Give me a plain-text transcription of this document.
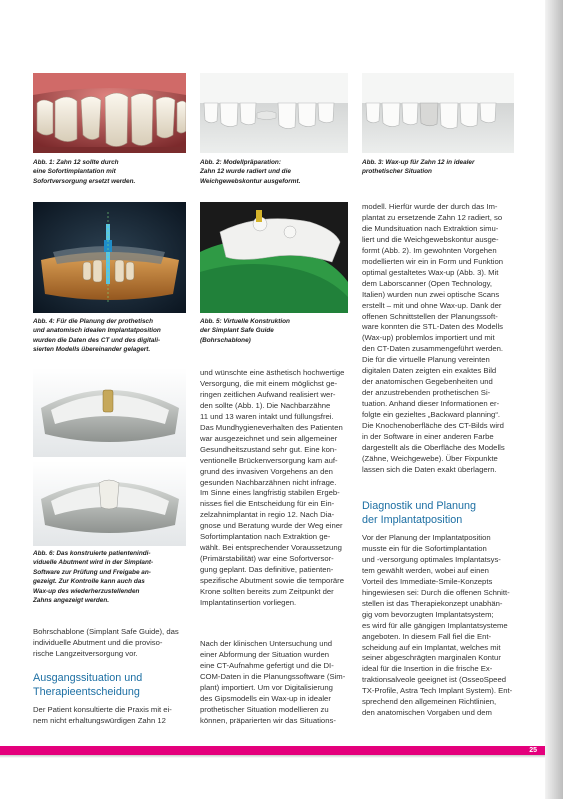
Abb. 1: Zahn 12 sollte durch

eine Sofortimplantation mit

Sofortversorgung ersetzt werden.

Abb. 2: Modellpräparation:

Zahn 12 wurde radiert und die

Weichgewebskontur ausgeformt.

Abb. 3: Wax-up für Zahn 12 in idealer

prothetischer Situation

Abb. 4: Für die Planung der prothetisch

und anatomisch idealen Implantatposition

wurden die Daten des CT und des digitali-

sierten Modells übereinander gelagert.

Abb. 5: Virtuelle Konstruktion

der Simplant Safe Guide

(Bohrschablone)

Abb. 6: Das konstruierte patientenindi-

viduelle Abutment wird in der Simplant-

Software zur Prüfung und Freigabe an-

gezeigt. Zur Kontrolle kann auch das

Wax-up des wiederherzustellenden

Zahns angezeigt werden.

Bohrschablone (Simplant Safe Guide), das

individuelle Abutment und die proviso-

rische Langzeitversorgung vor.

Ausgangssituation und
Therapieentscheidung

Der Patient konsultierte die Praxis mit ei-

nem nicht erhaltungswürdigen Zahn 12

und wünschte eine ästhetisch hochwertige

Versorgung, die mit einem möglichst ge-

ringen zeitlichen Aufwand realisiert wer-

den sollte (Abb. 1). Die Nachbarzähne

11 und 13 waren intakt und füllungsfrei.

Das Mundhygieneverhalten des Patienten

war ausgezeichnet und sein allgemeiner

Gesundheitszustand sehr gut. Eine kon-

ventionelle Brückenversorgung kam auf-

grund des invasiven Vorgehens an den

gesunden Nachbarzähnen nicht infrage.

Im Sinne eines langfristig stabilen Ergeb-

nisses fiel die Entscheidung für ein Ein-

zelzahnimplantat in regio 12. Nach Dia-

gnose und Beratung wurde der Weg einer

Sofortimplantation nach Extraktion ge-

wählt. Bei entsprechender Voraussetzung

(Primärstabilität) war eine Sofortversor-

gung geplant. Das definitive, patienten-

spezifische Abutment sowie die temporäre

Krone sollten bereits zum Zeitpunkt der

Implantatinsertion vorliegen.

Nach der klinischen Untersuchung und

einer Abformung der Situation wurden

eine CT-Aufnahme gefertigt und die DI-

COM-Daten in die Planungssoftware (Sim-

plant) importiert. Um vor Digitalisierung

des Gipsmodells ein Wax-up in idealer

prothetischer Situation modellieren zu

können, präparierten wir das Situations-

modell. Hierfür wurde der durch das Im-

plantat zu ersetzende Zahn 12 radiert, so

die Mundsituation nach Extraktion simu-

liert und die Weichgewebskontur ausge-

formt (Abb. 2). Im gewohnten Vorgehen

modellierten wir ein in Form und Funktion

optimal gestaltetes Wax-up (Abb. 3). Mit

dem Laborscanner (Open Technology,

Italien) wurden nun zwei optische Scans

erstellt – mit und ohne Wax-up. Dank der

offenen Schnittstellen der Planungssoft-

ware konnten die STL-Daten des Modells

(Wax-up) problemlos importiert und mit

den CT-Daten zusammengeführt werden.

Die für die virtuelle Planung vereinten

digitalen Daten zeigten ein exaktes Bild

der anatomischen Gegebenheiten und

der anzustrebenden prothetischen Si-

tuation. Anhand dieser Informationen er-

folgte ein gezieltes „Backward planning“.

Die Knochenoberfläche des CT-Bilds wird

in der Software in einer anderen Farbe

dargestellt als die Oberfläche des Modells

(Zähne, Weichgewebe). Über Fixpunkte

lassen sich die Daten exakt überlagern.

Diagnostik und Planung
der Implantatposition

Vor der Planung der Implantatposition

musste ein für die Sofortimplantation

und -versorgung optimales Implantatsys-

tem gewählt werden, wobei auf einen

Vorteil des Immediate-Smile-Konzepts

hingewiesen sei: Durch die offenen Schnitt-

stellen ist das Therapiekonzept unabhän-

gig vom bevorzugten Implantatsystem;

es wird für alle gängigen Implantatsysteme

angeboten. In diesem Fall fiel die Ent-

scheidung auf ein Implantat, welches mit

seiner abgeschrägten marginalen Kontur

ideal für die Insertion in die frische Ex-

traktionsalveole geeignet ist (OsseoSpeed

TX-Profile, Astra Tech Implant System). Ent-

sprechend den allgemeinen Richtlinien,

den anatomischen Vorgaben und dem

25
